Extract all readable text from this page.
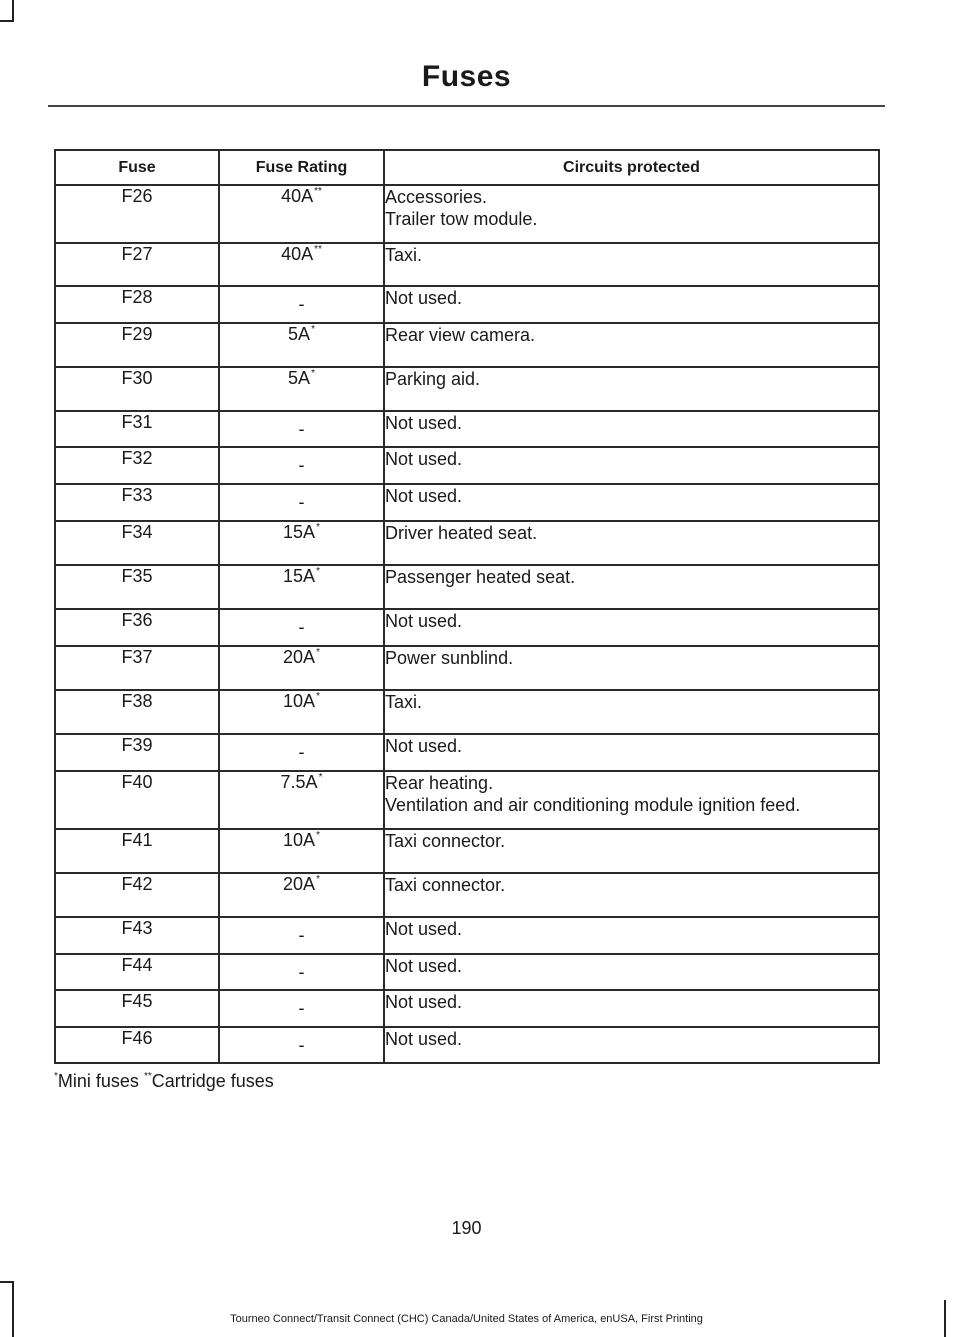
Fuses
Fuse	Fuse Rating	Circuits protected
F26	40A**	Accessories.
Trailer tow module.

F27	40A**	Taxi.

F28	-	Not used.

F29	5A*	Rear view camera.

F30	5A*	Parking aid.

F31	-	Not used.

F32	-	Not used.

F33	-	Not used.

F34	15A*	Driver heated seat.

F35	15A*	Passenger heated seat.

F36	-	Not used.

F37	20A*	Power sunblind.

F38	10A*	Taxi.

F39	-	Not used.

F40	7.5A*	Rear heating.
Ventilation and air conditioning module ignition feed.

F41	10A*	Taxi connector.

F42	20A*	Taxi connector.

F43	-	Not used.

F44	-	Not used.

F45	-	Not used.

F46	-	Not used.
*Mini fuses **Cartridge fuses
190
Tourneo Connect/Transit Connect (CHC) Canada/United States of America, enUSA, First Printing
